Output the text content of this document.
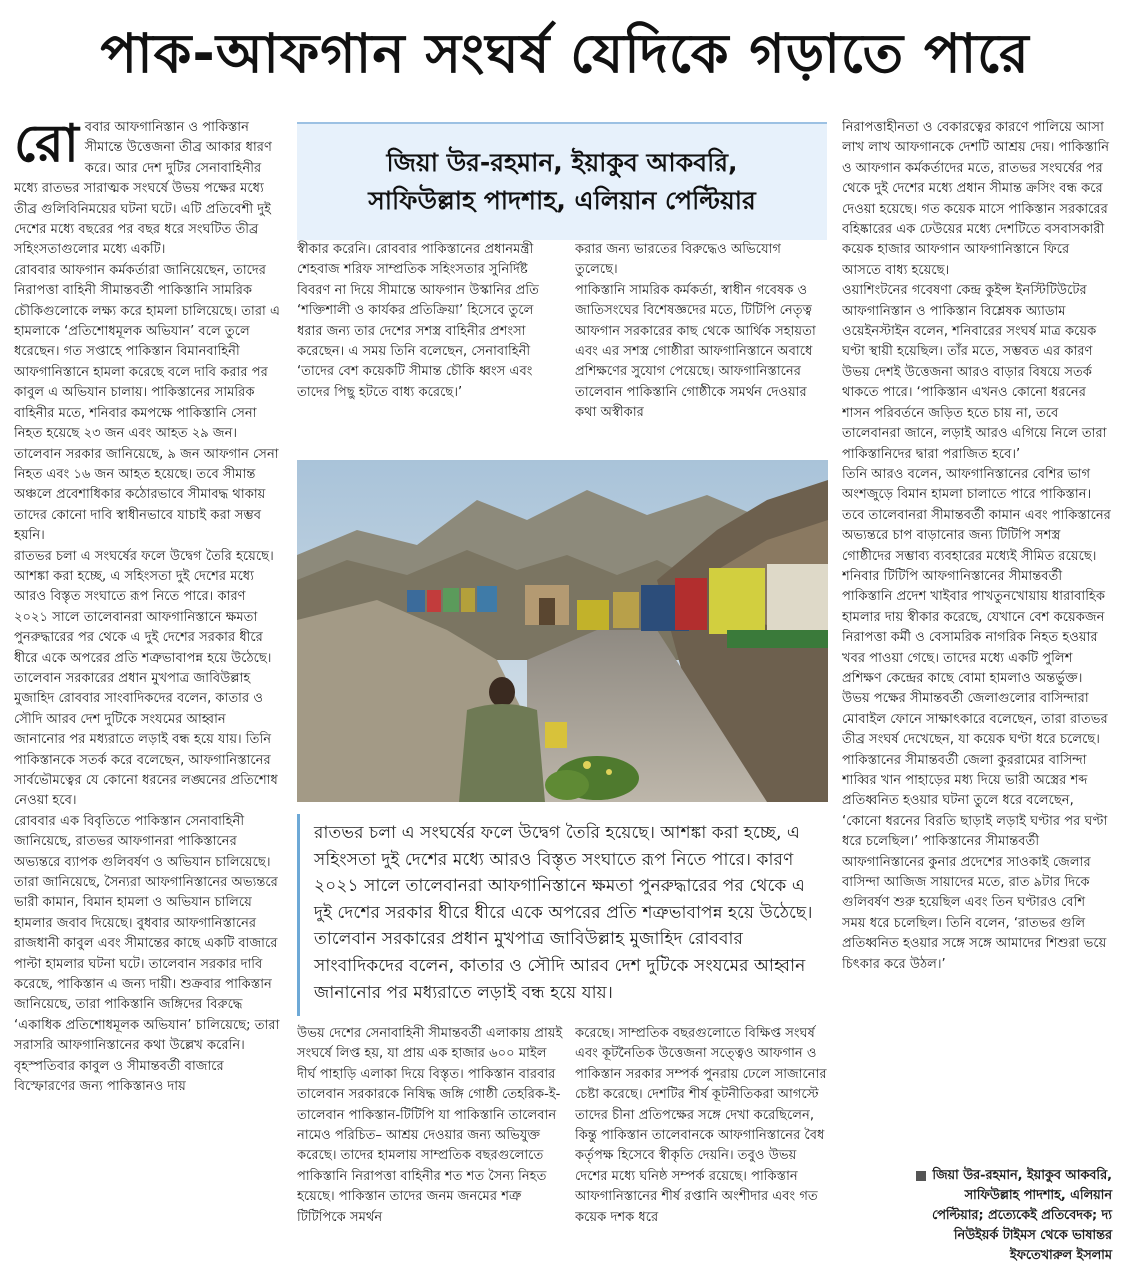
পাক-আফগান সংঘর্ষ যেদিকে গড়াতে পারে

রোববার আফগানিস্তান ও পাকিস্তান সীমান্তে উত্তেজনা তীব্র আকার ধারণ করে। আর দেশ দুটির সেনাবাহিনীর মধ্যে রাতভর সারাত্মক সংঘর্ষে উভয় পক্ষের মধ্যে তীব্র গুলিবিনিময়ের ঘটনা ঘটে। এটি প্রতিবেশী দুই দেশের মধ্যে বছরের পর বছর ধরে সংঘটিত তীব্র সহিংসতাগুলোর মধ্যে একটি।

রোববার আফগান কর্মকর্তারা জানিয়েছেন, তাদের নিরাপত্তা বাহিনী সীমান্তবর্তী পাকিস্তানি সামরিক চৌকিগুলোকে লক্ষ্য করে হামলা চালিয়েছে। তারা এ হামলাকে ‘প্রতিশোধমূলক অভিযান’ বলে তুলে ধরেছেন। গত সপ্তাহে পাকিস্তান বিমানবাহিনী আফগানিস্তানে হামলা করেছে বলে দাবি করার পর কাবুল এ অভিযান চালায়। পাকিস্তানের সামরিক বাহিনীর মতে, শনিবার কমপক্ষে পাকিস্তানি সেনা নিহত হয়েছে ২৩ জন এবং আহত ২৯ জন। তালেবান সরকার জানিয়েছে, ৯ জন আফগান সেনা নিহত এবং ১৬ জন আহত হয়েছে। তবে সীমান্ত অঞ্চলে প্রবেশাধিকার কঠোরভাবে সীমাবদ্ধ থাকায় তাদের কোনো দাবি স্বাধীনভাবে যাচাই করা সম্ভব হয়নি।

রাতভর চলা এ সংঘর্ষের ফলে উদ্বেগ তৈরি হয়েছে। আশঙ্কা করা হচ্ছে, এ সহিংসতা দুই দেশের মধ্যে আরও বিস্তৃত সংঘাতে রূপ নিতে পারে। কারণ ২০২১ সালে তালেবানরা আফগানিস্তানে ক্ষমতা পুনরুদ্ধারের পর থেকে এ দুই দেশের সরকার ধীরে ধীরে একে অপরের প্রতি শত্রুভাবাপন্ন হয়ে উঠেছে। তালেবান সরকারের প্রধান মুখপাত্র জাবিউল্লাহ মুজাহিদ রোববার সাংবাদিকদের বলেন, কাতার ও সৌদি আরব দেশ দুটিকে সংযমের আহ্বান জানানোর পর মধ্যরাতে লড়াই বন্ধ হয়ে যায়। তিনি পাকিস্তানকে সতর্ক করে বলেছেন, আফগানিস্তানের সার্বভৌমত্বের যে কোনো ধরনের লঙ্ঘনের প্রতিশোধ নেওয়া হবে।

রোববার এক বিবৃতিতে পাকিস্তান সেনাবাহিনী জানিয়েছে, রাতভর আফগানরা পাকিস্তানের অভ্যন্তরে ব্যাপক গুলিবর্ষণ ও অভিযান চালিয়েছে। তারা জানিয়েছে, সৈন্যরা আফগানিস্তানের অভ্যন্তরে ভারী কামান, বিমান হামলা ও অভিযান চালিয়ে হামলার জবাব দিয়েছে। বুধবার আফগানিস্তানের রাজধানী কাবুল এবং সীমান্তের কাছে একটি বাজারে পাল্টা হামলার ঘটনা ঘটে। তালেবান সরকার দাবি করেছে, পাকিস্তান এ জন্য দায়ী। শুক্রবার পাকিস্তান জানিয়েছে, তারা পাকিস্তানি জঙ্গিদের বিরুদ্ধে ‘একাধিক প্রতিশোধমূলক অভিযান’ চালিয়েছে; তারা সরাসরি আফগানিস্তানের কথা উল্লেখ করেনি। বৃহস্পতিবার কাবুল ও সীমান্তবর্তী বাজারে বিস্ফোরণের জন্য পাকিস্তানও দায়

জিয়া উর-রহমান, ইয়াকুব আকবরি,
সাফিউল্লাহ পাদশাহ, এলিয়ান পেল্টিয়ার

স্বীকার করেনি। রোববার পাকিস্তানের প্রধানমন্ত্রী শেহবাজ শরিফ সাম্প্রতিক সহিংসতার সুনির্দিষ্ট বিবরণ না দিয়ে সীমান্তে আফগান উস্কানির প্রতি ‘শক্তিশালী ও কার্যকর প্রতিক্রিয়া’ হিসেবে তুলে ধরার জন্য তার দেশের সশস্ত্র বাহিনীর প্রশংসা করেছেন। এ সময় তিনি বলেছেন, সেনাবাহিনী ‘তাদের বেশ কয়েকটি সীমান্ত চৌকি ধ্বংস এবং তাদের পিছু হটতে বাধ্য করেছে।’

করার জন্য ভারতের বিরুদ্ধেও অভিযোগ তুলেছে।

পাকিস্তানি সামরিক কর্মকর্তা, স্বাধীন গবেষক ও জাতিসংঘের বিশেষজ্ঞদের মতে, টিটিপি নেতৃত্ব আফগান সরকারের কাছ থেকে আর্থিক সহায়তা এবং এর সশস্ত্র গোষ্ঠীরা আফগানিস্তানে অবাধে প্রশিক্ষণের সুযোগ পেয়েছে। আফগানিস্তানের তালেবান পাকিস্তানি গোষ্ঠীকে সমর্থন দেওয়ার কথা অস্বীকার

রাতভর চলা এ সংঘর্ষের ফলে উদ্বেগ তৈরি হয়েছে। আশঙ্কা করা হচ্ছে, এ সহিংসতা দুই দেশের মধ্যে আরও বিস্তৃত সংঘাতে রূপ নিতে পারে। কারণ ২০২১ সালে তালেবানরা আফগানিস্তানে ক্ষমতা পুনরুদ্ধারের পর থেকে এ দুই দেশের সরকার ধীরে ধীরে একে অপরের প্রতি শত্রুভাবাপন্ন হয়ে উঠেছে। তালেবান সরকারের প্রধান মুখপাত্র জাবিউল্লাহ মুজাহিদ রোববার সাংবাদিকদের বলেন, কাতার ও সৌদি আরব দেশ দুটিকে সংযমের আহ্বান জানানোর পর মধ্যরাতে লড়াই বন্ধ হয়ে যায়।

উভয় দেশের সেনাবাহিনী সীমান্তবর্তী এলাকায় প্রায়ই সংঘর্ষে লিপ্ত হয়, যা প্রায় এক হাজার ৬০০ মাইল দীর্ঘ পাহাড়ি এলাকা দিয়ে বিস্তৃত। পাকিস্তান বারবার তালেবান সরকারকে নিষিদ্ধ জঙ্গি গোষ্ঠী তেহরিক-ই-তালেবান পাকিস্তান-টিটিপি যা পাকিস্তানি তালেবান নামেও পরিচিত– আশ্রয় দেওয়ার জন্য অভিযুক্ত করেছে। তাদের হামলায় সাম্প্রতিক বছরগুলোতে পাকিস্তানি নিরাপত্তা বাহিনীর শত শত সৈন্য নিহত হয়েছে। পাকিস্তান তাদের জনম জনমের শত্রু টিটিপিকে সমর্থন

করেছে। সাম্প্রতিক বছরগুলোতে বিক্ষিপ্ত সংঘর্ষ এবং কূটনৈতিক উত্তেজনা সত্ত্বেও আফগান ও পাকিস্তান সরকার সম্পর্ক পুনরায় ঢেলে সাজানোর চেষ্টা করেছে। দেশটির শীর্ষ কূটনীতিকরা আগস্টে তাদের চীনা প্রতিপক্ষের সঙ্গে দেখা করেছিলেন, কিন্তু পাকিস্তান তালেবানকে আফগানিস্তানের বৈধ কর্তৃপক্ষ হিসেবে স্বীকৃতি দেয়নি। তবুও উভয় দেশের মধ্যে ঘনিষ্ঠ সম্পর্ক রয়েছে। পাকিস্তান আফগানিস্তানের শীর্ষ রপ্তানি অংশীদার এবং গত কয়েক দশক ধরে

নিরাপত্তাহীনতা ও বেকারত্বের কারণে পালিয়ে আসা লাখ লাখ আফগানকে দেশটি আশ্রয় দেয়। পাকিস্তানি ও আফগান কর্মকর্তাদের মতে, রাতভর সংঘর্ষের পর থেকে দুই দেশের মধ্যে প্রধান সীমান্ত ক্রসিং বন্ধ করে দেওয়া হয়েছে। গত কয়েক মাসে পাকিস্তান সরকারের বহিষ্কারের এক ঢেউয়ের মধ্যে দেশটিতে বসবাসকারী কয়েক হাজার আফগান আফগানিস্তানে ফিরে আসতে বাধ্য হয়েছে।

ওয়াশিংটনের গবেষণা কেন্দ্র কুইন্স ইনস্টিটিউটের আফগানিস্তান ও পাকিস্তান বিশ্লেষক অ্যাডাম ওয়েইনস্টাইন বলেন, শনিবারের সংঘর্ষ মাত্র কয়েক ঘণ্টা স্থায়ী হয়েছিল। তাঁর মতে, সম্ভবত এর কারণ উভয় দেশই উত্তেজনা আরও বাড়ার বিষয়ে সতর্ক থাকতে পারে। ‘পাকিস্তান এখনও কোনো ধরনের শাসন পরিবর্তনে জড়িত হতে চায় না, তবে তালেবানরা জানে, লড়াই আরও এগিয়ে নিলে তারা পাকিস্তানিদের দ্বারা পরাজিত হবে।’

তিনি আরও বলেন, আফগানিস্তানের বেশির ভাগ অংশজুড়ে বিমান হামলা চালাতে পারে পাকিস্তান। তবে তালেবানরা সীমান্তবর্তী কামান এবং পাকিস্তানের অভ্যন্তরে চাপ বাড়ানোর জন্য টিটিপি সশস্ত্র গোষ্ঠীদের সম্ভাব্য ব্যবহারের মধ্যেই সীমিত রয়েছে। শনিবার টিটিপি আফগানিস্তানের সীমান্তবর্তী পাকিস্তানি প্রদেশ খাইবার পাখতুনখোয়ায় ধারাবাহিক হামলার দায় স্বীকার করেছে, যেখানে বেশ কয়েকজন নিরাপত্তা কর্মী ও বেসামরিক নাগরিক নিহত হওয়ার খবর পাওয়া গেছে। তাদের মধ্যে একটি পুলিশ প্রশিক্ষণ কেন্দ্রের কাছে বোমা হামলাও অন্তর্ভুক্ত।

উভয় পক্ষের সীমান্তবর্তী জেলাগুলোর বাসিন্দারা মোবাইল ফোনে সাক্ষাৎকারে বলেছেন, তারা রাতভর তীব্র সংঘর্ষ দেখেছেন, যা কয়েক ঘণ্টা ধরে চলেছে। পাকিস্তানের সীমান্তবর্তী জেলা কুররামের বাসিন্দা শাব্বির খান পাহাড়ের মধ্য দিয়ে ভারী অস্ত্রের শব্দ প্রতিধ্বনিত হওয়ার ঘটনা তুলে ধরে বলেছেন, ‘কোনো ধরনের বিরতি ছাড়াই লড়াই ঘণ্টার পর ঘণ্টা ধরে চলেছিল।’ পাকিস্তানের সীমান্তবর্তী আফগানিস্তানের কুনার প্রদেশের সাওকাই জেলার বাসিন্দা আজিজ সায়াদের মতে, রাত ৯টার দিকে গুলিবর্ষণ শুরু হয়েছিল এবং তিন ঘণ্টারও বেশি সময় ধরে চলেছিল। তিনি বলেন, ‘রাতভর গুলি প্রতিধ্বনিত হওয়ার সঙ্গে সঙ্গে আমাদের শিশুরা ভয়ে চিৎকার করে উঠল।’

জিয়া উর-রহমান, ইয়াকুব আকবরি,
সাফিউল্লাহ পাদশাহ, এলিয়ান
পেল্টিয়ার; প্রত্যেকেই প্রতিবেদক; দ্য
নিউইয়র্ক টাইমস থেকে ভাষান্তর
ইফতেখারুল ইসলাম
